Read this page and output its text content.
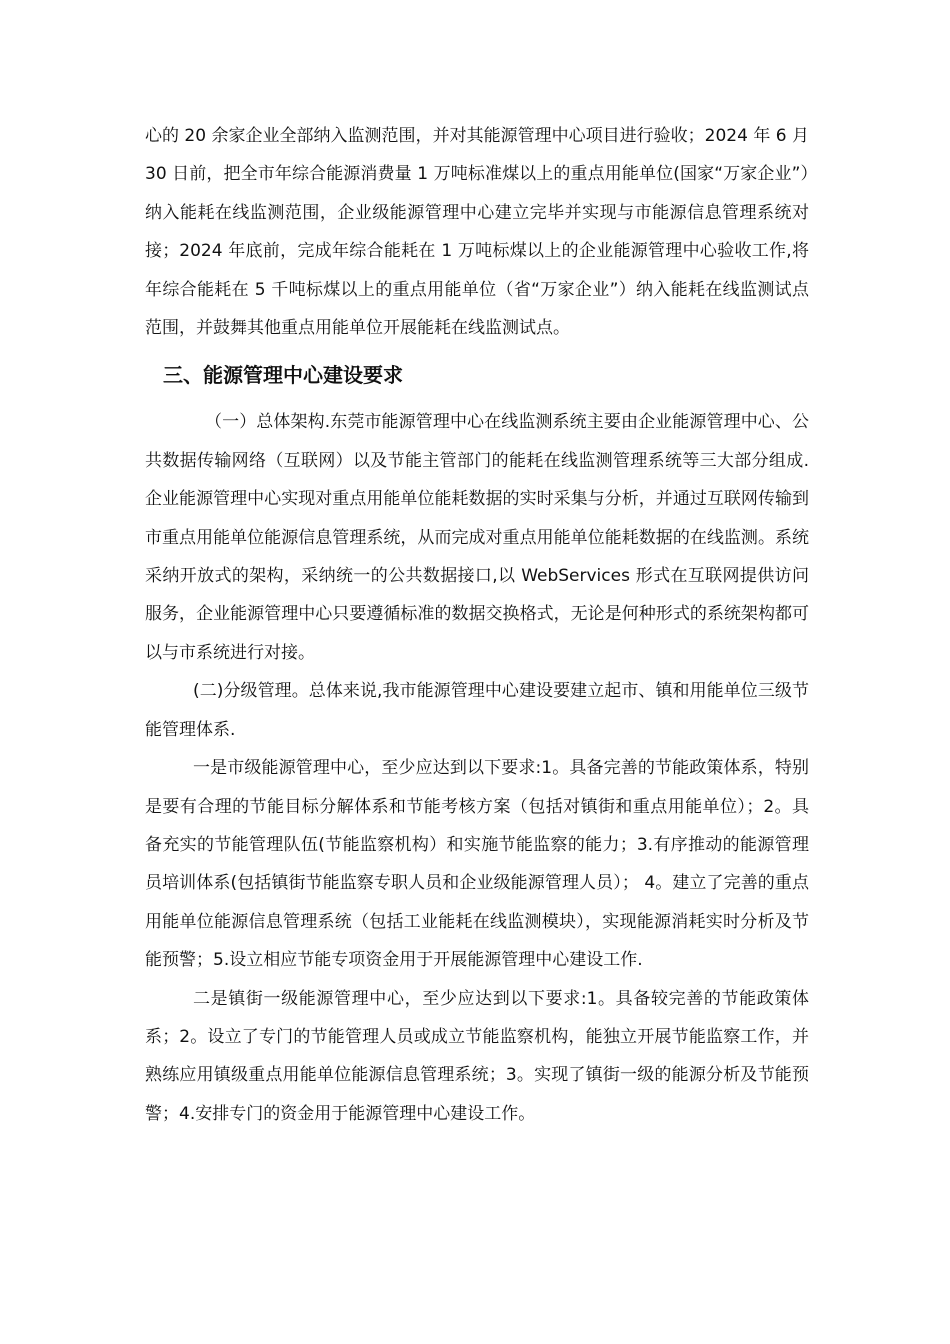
心的 20 余家企业全部纳入监测范围，并对其能源管理中心项目进行验收；2024 年 6 月 30 日前，把全市年综合能源消费量 1 万吨标准煤以上的重点用能单位(国家“万家企业”）纳入能耗在线监测范围，企业级能源管理中心建立完毕并实现与市能源信息管理系统对接；2024 年底前，完成年综合能耗在 1 万吨标煤以上的企业能源管理中心验收工作,将年综合能耗在 5 千吨标煤以上的重点用能单位（省“万家企业”）纳入能耗在线监测试点范围，并鼓舞其他重点用能单位开展能耗在线监测试点。

三、能源管理中心建设要求

（一）总体架构.东莞市能源管理中心在线监测系统主要由企业能源管理中心、公共数据传输网络（互联网）以及节能主管部门的能耗在线监测管理系统等三大部分组成.企业能源管理中心实现对重点用能单位能耗数据的实时采集与分析，并通过互联网传输到市重点用能单位能源信息管理系统，从而完成对重点用能单位能耗数据的在线监测。系统采纳开放式的架构，采纳统一的公共数据接口,以 WebServices 形式在互联网提供访问服务，企业能源管理中心只要遵循标准的数据交换格式，无论是何种形式的系统架构都可以与市系统进行对接。

(二)分级管理。总体来说,我市能源管理中心建设要建立起市、镇和用能单位三级节能管理体系.

一是市级能源管理中心，至少应达到以下要求:1。具备完善的节能政策体系，特别是要有合理的节能目标分解体系和节能考核方案（包括对镇街和重点用能单位）；2。具备充实的节能管理队伍(节能监察机构）和实施节能监察的能力；3.有序推动的能源管理员培训体系(包括镇街节能监察专职人员和企业级能源管理人员）； 4。建立了完善的重点用能单位能源信息管理系统（包括工业能耗在线监测模块），实现能源消耗实时分析及节能预警；5.设立相应节能专项资金用于开展能源管理中心建设工作.

二是镇街一级能源管理中心，至少应达到以下要求:1。具备较完善的节能政策体系；2。设立了专门的节能管理人员或成立节能监察机构，能独立开展节能监察工作，并熟练应用镇级重点用能单位能源信息管理系统；3。实现了镇街一级的能源分析及节能预警；4.安排专门的资金用于能源管理中心建设工作。
